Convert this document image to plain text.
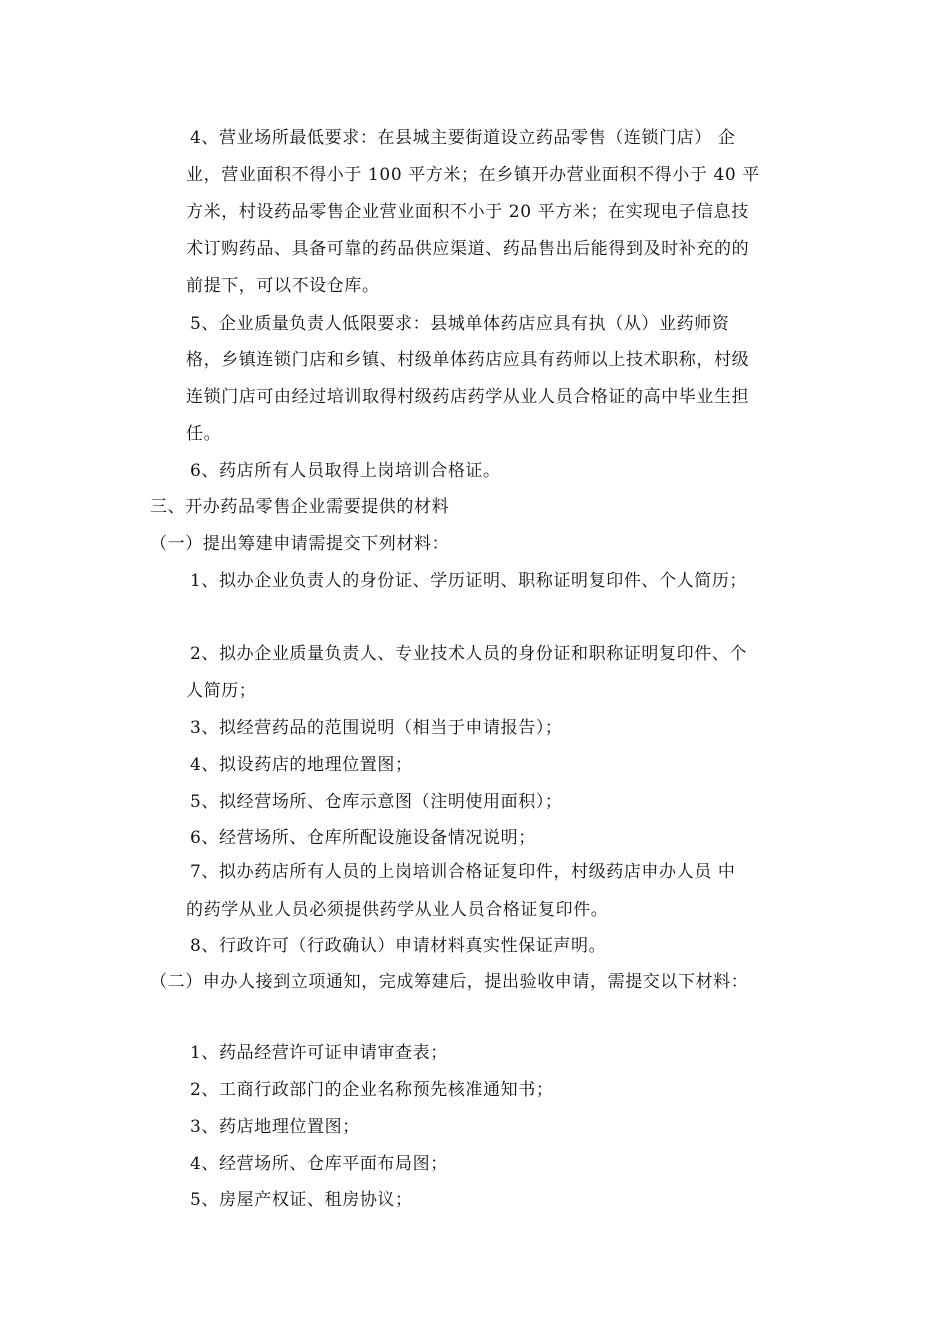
4、营业场所最低要求：在县城主要街道设立药品零售（连锁门店） 企
业，营业面积不得小于 100 平方米；在乡镇开办营业面积不得小于 40 平
方米，村设药品零售企业营业面积不小于 20 平方米；在实现电子信息技
术订购药品、具备可靠的药品供应渠道、药品售出后能得到及时补充的的
前提下，可以不设仓库。
5、企业质量负责人低限要求：县城单体药店应具有执（从）业药师资
格，乡镇连锁门店和乡镇、村级单体药店应具有药师以上技术职称，村级
连锁门店可由经过培训取得村级药店药学从业人员合格证的高中毕业生担
任。
6、药店所有人员取得上岗培训合格证。
三、开办药品零售企业需要提供的材料
（一）提出筹建申请需提交下列材料：
1、拟办企业负责人的身份证、学历证明、职称证明复印件、个人简历；
2、拟办企业质量负责人、专业技术人员的身份证和职称证明复印件、个
人简历；
3、拟经营药品的范围说明（相当于申请报告）；
4、拟设药店的地理位置图；
5、拟经营场所、仓库示意图（注明使用面积）；
6、经营场所、仓库所配设施设备情况说明；
7、拟办药店所有人员的上岗培训合格证复印件，村级药店申办人员 中
的药学从业人员必须提供药学从业人员合格证复印件。
8、行政许可（行政确认）申请材料真实性保证声明。
（二）申办人接到立项通知，完成筹建后，提出验收申请，需提交以下材料：
1、药品经营许可证申请审查表；
2、工商行政部门的企业名称预先核准通知书；
3、药店地理位置图；
4、经营场所、仓库平面布局图；
5、房屋产权证、租房协议；
